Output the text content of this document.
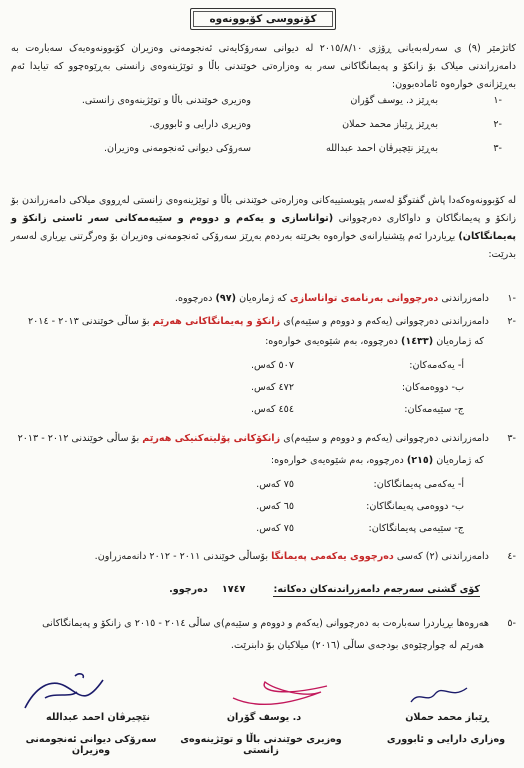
کۆنووسی کۆبوونەوە
کاتژمێر (٩) ی سەرلەبەیانی ڕۆژی ٢٠١٥/٨/١٠ لە دیوانی سەرۆکایەتی ئەنجومەنی وەزیران کۆبوونەوەیەک سەبارەت بە دامەزراندنی میلاک بۆ زانکۆ و پەیمانگاکانی سەر بە وەزارەتی خوێندنی باڵا و توێژینەوەی زانستی بەڕێوەچوو کە تیایدا ئەم بەڕێزانەی خوارەوە ئامادەبوون:
-١
بەڕێز د. یوسف گۆران
وەزیری خوێندنی باڵا و توێژینەوەی زانستی.
-٢
بەڕێز ڕێباز محمد حملان
وەزیری دارایی و ئابووری.
-٣
بەڕێز نێچیرڤان احمد عبدالله
سەرۆکی دیوانی ئەنجومەنی وەزیران.
لە کۆبوونەوەکەدا پاش گفتوگۆ لەسەر پێویستییەکانی وەزارەتی خوێندنی باڵا و توێژینەوەی زانستی لەڕووی میلاکی دامەزراندن بۆ زانکۆ و پەیمانگاکان و داواکاری دەرچووانی (تواناسازی و یەکەم و دووەم و سێیەمەکانی سەر ئاستی زانکۆ و پەیمانگاکان) بڕیاردرا ئەم پێشنیارانەی خوارەوە بخرێتە بەردەم بەڕێز سەرۆکی ئەنجومەنی وەزیران بۆ وەرگرتنی بڕیاری لەسەر بدرێت:
-١ دامەزراندنی دەرچووانی بەرنامەی تواناسازی کە ژمارەیان (٩٧) دەرچووە.
-٢ دامەزراندنی دەرچووانی (یەکەم و دووەم و سێیەم)ی زانکۆ و پەیمانگاکانی هەرێم بۆ ساڵی خوێندنی ٢٠١٣ - ٢٠١٤
کە ژمارەیان (١٤٣٣) دەرچووە، بەم شێوەیەی خوارەوە:
أ- یەکەمەکان:
٥٠٧ کەس.
ب- دووەمەکان:
٤٧٢ کەس.
ج- سێیەمەکان:
٤٥٤ کەس.
-٣ دامەزراندنی دەرچووانی (یەکەم و دووەم و سێیەم)ی زانکۆکانی پۆلیتەکنیکی هەرێم بۆ ساڵی خوێندنی ٢٠١٢ - ٢٠١٣
کە ژمارەیان (٢١٥) دەرچووە، بەم شێوەیەی خوارەوە:
أ- یەکەمی پەیمانگاکان:
٧٥ کەس.
ب- دووەمی پەیمانگاکان:
٦٥ کەس.
ج- سێیەمی پەیمانگاکان:
٧٥ کەس.
-٤ دامەزراندنی (٢) کەسی دەرچووی یەکەمی پەیمانگا بۆساڵی خوێندنی ٢٠١١ - ٢٠١٢ دانەمەزراون.
کۆی گشتی سەرجەم دامەزراندنەکان دەکاتە:  ١٧٤٧  دەرچوو.
-٥ هەروەها بڕیاردرا سەبارەت بە دەرچووانی (یەکەم و دووەم و سێیەم)ی ساڵی ٢٠١٤ - ٢٠١٥ ی زانکۆ و پەیمانگاکانی
هەرێم لە چوارچێوەی بودجەی ساڵی (٢٠١٦) میلاکیان بۆ دابنرێت.
ڕێباز محمد حملان
وەزاری دارایی و ئابووری
د. یوسف گۆران
وەزیری خوێندنی باڵا و توێژینەوەی زانستی
نێچیرڤان احمد عبدالله
سەرۆکی دیوانی ئەنجومەنی وەزیران
